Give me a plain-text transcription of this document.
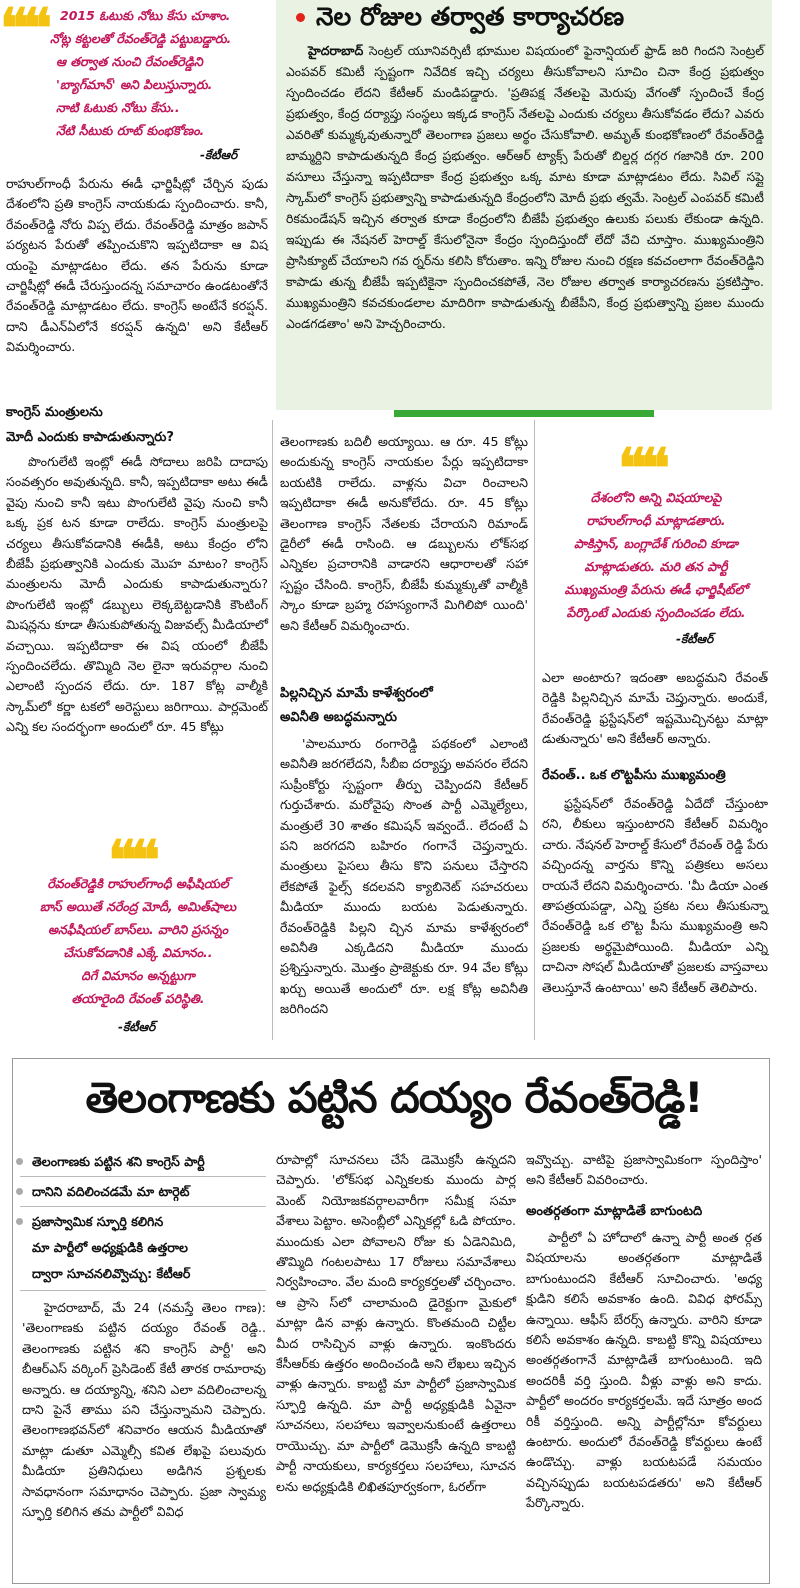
❝❝	2015 ఓటుకు నోటు కేసు చూశాం.
నోట్ల కట్టలతో రేవంత్‌రెడ్డి పట్టుబడ్డారు.
ఆ తర్వాత నుంచి రేవంత్‌రెడ్డిని
'బ్యాగ్‌మాన్' అని పిలుస్తున్నారు.
నాటి ఓటుకు నోటు కేసు..
నేటి సీటుకు రూట్ కుంభకోణం.
-కేటీఆర్
రాహుల్‌గాంధీ పేరును ఈడీ ఛార్జిషీట్లో చేర్చిన పుడు దేశంలోని ప్రతి కాంగ్రెస్ నాయకుడు స్పందించారు. కానీ, రేవంత్‌రెడ్డి నోరు విప్ప లేదు. రేవంత్‌రెడ్డి మాత్రం జపాన్ పర్యటన పేరుతో తప్పించుకొని ఇప్పటిదాకా ఆ విష యంపై మాట్లాడటం లేదు. తన పేరును కూడా చార్జిషీట్లో ఈడీ చేరుస్తుందన్న సమాచారం ఉండటంతోనే రేవంత్‌రెడ్డి మాట్లాడటం లేదు. కాంగ్రెస్ అంటేనే కరప్షన్. దాని డీఎన్ఏలోనే కరప్షన్ ఉన్నది' అని కేటీఆర్ విమర్శించారు.
కాంగ్రెస్ మంత్రులను
మోదీ ఎందుకు కాపాడుతున్నారు?
పొంగులేటి ఇంట్లో ఈడీ సోదాలు జరిపి దాదాపు సంవత్సరం అవుతున్నది. కానీ, ఇప్పటిదాకా అటు ఈడీ వైపు నుంచి కానీ ఇటు పొంగులేటి వైపు నుంచి కానీ ఒక్క ప్రక టన కూడా రాలేదు. కాంగ్రెస్ మంత్రులపై చర్యలు తీసుకోవడానికి ఈడీకి, అటు కేంద్రం లోని బీజేపీ ప్రభుత్వానికి ఎందుకు మొహ మాటం? కాంగ్రెస్ మంత్రులను మోదీ ఎందుకు కాపాడుతున్నారు? పొంగులేటి ఇంట్లో డబ్బులు లెక్కబెట్టడానికి కౌంటింగ్ మిషన్లను కూడా తీసుకుపోతున్న విజువల్స్ మీడియాలో వచ్చాయి. ఇప్పటిదాకా ఈ విష యంలో బీజేపీ స్పందించలేదు. తొమ్మిది నెల లైనా ఇరువర్గాల నుంచి ఎలాంటి స్పందన లేదు. రూ. 187 కోట్ల వాల్మీకి స్కామ్‌లో కర్ణా టకలో అరెస్టులు జరిగాయి. పార్లమెంట్ ఎన్ని కల సందర్భంగా అందులో రూ. 45 కోట్లు
❝❝
రేవంత్‌రెడ్డికి రాహుల్‌గాంధీ అఫీషియల్
బాస్ అయితే నరేంద్ర మోదీ, అమిత్‌షాలు
అనఫీషియల్ బాస్‌లు. వారిని ప్రసన్నం
చేసుకోవడానికి ఎక్కే విమానం..
దిగే విమానం అన్నట్టుగా
తయారైంది రేవంత్ పరిస్థితి.
-కేటీఆర్
నెల రోజుల తర్వాత కార్యాచరణ
హైదరాబాద్ సెంట్రల్ యూనివర్సిటీ భూముల విషయంలో ఫైనాన్షియల్ ఫ్రాడ్ జరి గిందని సెంట్రల్ ఎంపవర్ కమిటీ స్పష్టంగా నివేదిక ఇచ్చి చర్యలు తీసుకోవాలని సూచిం చినా కేంద్ర ప్రభుత్వం స్పందించడం లేదని కేటీఆర్ మండిపడ్డారు. 'ప్రతిపక్ష నేతలపై మెరుపు వేగంతో స్పందించే కేంద్ర ప్రభుత్వం, కేంద్ర దర్యాప్తు సంస్థలు ఇక్కడ కాంగ్రెస్ నేతలపై ఎందుకు చర్యలు తీసుకోవడం లేదు? ఎవరు ఎవరితో కుమ్మక్కవుతున్నారో తెలంగాణ ప్రజలు అర్థం చేసుకోవాలి. అమృత్ కుంభకోణంలో రేవంత్‌రెడ్డి బామ్మర్దిని కాపాడుతున్నది కేంద్ర ప్రభుత్వం. ఆర్‌ఆర్ ట్యాక్స్ పేరుతో బిల్డర్ల దగ్గర గజానికి రూ. 200 వసూలు చేస్తున్నా ఇప్పటిదాకా కేంద్ర ప్రభుత్వం ఒక్క మాట కూడా మాట్లాడటం లేదు. సివిల్ సప్లై స్కామ్‌లో కాంగ్రెస్ ప్రభుత్వాన్ని కాపాడుతున్నది కేంద్రంలోని మోదీ ప్రభు త్వమే. సెంట్రల్ ఎంపవర్ కమిటీ రికమండేషన్ ఇచ్చిన తర్వాత కూడా కేంద్రంలోని బీజేపీ ప్రభుత్వం ఉలుకు పలుకు లేకుండా ఉన్నది. ఇప్పుడు ఈ నేషనల్ హెరాల్డ్ కేసులోనైనా కేంద్రం స్పందిస్తుందో లేదో వేచి చూస్తాం. ముఖ్యమంత్రిని ప్రాసిక్యూట్ చేయాలని గవ ర్నర్‌ను కలిసి కోరుతాం. ఇన్ని రోజుల నుంచి రక్షణ కవచంలాగా రేవంత్‌రెడ్డిని కాపాడు తున్న బీజేపీ ఇప్పటికైనా స్పందించకపోతే, నెల రోజుల తర్వాత కార్యాచరణను ప్రకటిస్తాం. ముఖ్యమంత్రిని కవచకుండలాల మాదిరిగా కాపాడుతున్న బీజేపీని, కేంద్ర ప్రభుత్వాన్ని ప్రజల ముందు ఎండగడతాం' అని హెచ్చరించారు.
తెలంగాణకు బదిలీ అయ్యాయి. ఆ రూ. 45 కోట్లు అందుకున్న కాంగ్రెస్ నాయకుల పేర్లు ఇప్పటిదాకా బయటికి రాలేదు. వాళ్లను విచా రించాలని ఇప్పటిదాకా ఈడీ అనుకోలేదు. రూ. 45 కోట్లు తెలంగాణ కాంగ్రెస్ నేతలకు చేరాయని రిమాండ్ డైరీలో ఈడీ రాసింది. ఆ డబ్బులను లోక్‌సభ ఎన్నికల ప్రచారానికి వాడారని ఆధారాలతో సహా స్పష్టం చేసింది. కాంగ్రెస్, బీజేపీ కుమ్మక్కుతో వాల్మీకి స్కాం కూడా బ్రహ్మ రహస్యంగానే మిగిలిపో యింది' అని కేటీఆర్ విమర్శించారు.
పిల్లనిచ్చిన మామే కాళేశ్వరంలో
అవినీతి అబద్ధమన్నారు
'పాలమూరు రంగారెడ్డి పథకంలో ఎలాంటి అవినీతి జరగలేదని, సీబీఐ దర్యాప్తు అవసరం లేదని సుప్రీంకోర్టు స్పష్టంగా తీర్పు చెప్పిందని కేటీఆర్ గుర్తుచేశారు. మరోవైపు సొంత పార్టీ ఎమ్మెల్యేలు, మంత్రులే 30 శాతం కమిషన్ ఇవ్వందే.. లేదంటే ఏ పని జరగదని బహిరం గంగానే చెప్తున్నారు. మంత్రులు పైసలు తీసు కొని పనులు చేస్తారని లేకపోతే ఫైల్స్ కదలవని క్యాబినెట్ సహచరులు మీడియా ముందు బయట పెడుతున్నారు. రేవంత్‌రెడ్డికి పిల్లని చ్చిన మామ కాళేశ్వరంలో అవినీతి ఎక్కడిదని మీడియా ముందు ప్రశ్నిస్తున్నారు. మొత్తం ప్రాజెక్టుకు రూ. 94 వేల కోట్లు ఖర్చు అయితే అందులో రూ. లక్ష కోట్ల అవినీతి జరిగిందని
❝❝
దేశంలోని అన్ని విషయాలపై
రాహుల్‌గాంధీ మాట్లాడతారు.
పాకిస్తాన్, బంగ్లాదేశ్ గురించి కూడా
మాట్లాడుతరు. మరి తన పార్టీ
ముఖ్యమంత్రి పేరును ఈడీ ఛార్జిషీట్‌లో
పేర్కొంటే ఎందుకు స్పందించడం లేదు.
-కేటీఆర్
ఎలా అంటారు? ఇదంతా అబద్ధమని రేవంత్ రెడ్డికి పిల్లనిచ్చిన మామే చెప్తున్నారు. అందుకే, రేవంత్‌రెడ్డి ఫ్రస్టేషన్‌లో ఇష్టమొచ్చినట్టు మాట్లా డుతున్నారు' అని కేటీఆర్ అన్నారు.
రేవంత్.. ఒక లొట్టపీసు ముఖ్యమంత్రి
ఫ్రస్టేషన్‌లో రేవంత్‌రెడ్డి ఏదేదో చేస్తుంటా రని, లీకులు ఇస్తుంటారని కేటీఆర్ విమర్శిం చారు. నేషనల్ హెరాల్డ్ కేసులో రేవంత్ రెడ్డి పేరు వచ్చిందన్న వార్తను కొన్ని పత్రికలు అసలు రాయనే లేదని విమర్శించారు. 'మీ డియా ఎంత తాపత్రయపడ్డా, ఎన్ని ప్రకట నలు తీసుకున్నా రేవంత్‌రెడ్డి ఒక లొట్ట పీసు ముఖ్యమంత్రి అని ప్రజలకు అర్థమైపోయింది. మీడియా ఎన్ని దాచినా సోషల్ మీడియాతో ప్రజలకు వాస్తవాలు తెలుస్తూనే ఉంటాయి' అని కేటీఆర్ తెలిపారు.
తెలంగాణకు పట్టిన దయ్యం రేవంత్‌రెడ్డి!
తెలంగాణకు పట్టిన శని కాంగ్రెస్ పార్టీ
దానిని వదిలించడమే మా టార్గెట్
ప్రజాస్వామిక స్ఫూర్తి కలిగిన
మా పార్టీలో అధ్యక్షుడికి ఉత్తరాల
ద్వారా సూచనలివ్వొచ్చు: కేటీఆర్
హైదరాబాద్, మే 24 (నమస్తే తెలం గాణ): 'తెలంగాణకు పట్టిన దయ్యం రేవంత్ రెడ్డి.. తెలంగాణకు పట్టిన శని కాంగ్రెస్ పార్టీ' అని బీఆర్ఎస్ వర్కింగ్ ప్రెసిడెంట్ కేటీ తారక రామారావు అన్నారు. ఆ దయ్యాన్ని, శనిని ఎలా వదిలించాలన్న దాని పైనే తాము పని చేస్తున్నామని చెప్పారు. తెలంగాణభవన్‌లో శనివారం ఆయన మీడియాతో మాట్లా డుతూ ఎమ్మెల్సీ కవిత లేఖపై పలువురు మీడియా ప్రతినిధులు అడిగిన ప్రశ్నలకు సావధానంగా సమాధానం చెప్పారు. ప్రజా స్వామ్య స్ఫూర్తి కలిగిన తమ పార్టీలో వివిధ
రూపాల్లో సూచనలు చేసే డెమొక్రసీ ఉన్నదని చెప్పారు. 'లోక్‌సభ ఎన్నికలకు ముందు పార్ల మెంట్ నియోజకవర్గాలవారీగా సమీక్ష సమా వేశాలు పెట్టాం. అసెంబ్లీలో ఎన్నికల్లో ఓడి పోయాం. ముందుకు ఎలా పోవాలని రోజు కు ఏడెనిమిది, తొమ్మిది గంటలపాటు 17 రోజులు సమావేశాలు నిర్వహించాం. వేల మంది కార్యకర్తలతో చర్చించాం. ఆ ప్రాసె స్‌లో చాలామంది డైరెక్టుగా మైకులో మాట్లా డిన వాళ్లు ఉన్నారు. కొంతమంది చిట్టీల మీద రాసిచ్చిన వాళ్లు ఉన్నారు. ఇంకొందరు కేసీఆర్‌కు ఉత్తరం అందించండి అని లేఖలు ఇచ్చిన వాళ్లు ఉన్నారు. కాబట్టి మా పార్టీలో ప్రజాస్వామిక స్ఫూర్తి ఉన్నది. మా పార్టీ అధ్యక్షుడికి ఏవైనా సూచనలు, సలహాలు ఇవ్వాలనుకుంటే ఉత్తరాలు రాయొచ్చు. మా పార్టీలో డెమొక్రసీ ఉన్నది కాబట్టి పార్టీ నాయకులు, కార్యకర్తలు సలహాలు, సూచన లను అధ్యక్షుడికి లిఖితపూర్వకంగా, ఓరల్‌గా
ఇవ్వొచ్చు. వాటిపై ప్రజాస్వామికంగా స్పందిస్తాం' అని కేటీఆర్ వివరించారు.
అంతర్గతంగా మాట్లాడితే బాగుంటది
పార్టీలో ఏ హోదాలో ఉన్నా పార్టీ అంత ర్గత విషయాలను అంతర్గతంగా మాట్లాడితే బాగుంటుందని కేటీఆర్ సూచించారు. 'అధ్య క్షుడిని కలిసే అవకాశం ఉంది. వివిధ ఫోరమ్స్ ఉన్నాయి. ఆఫీస్ బేరర్స్ ఉన్నారు. వారిని కూడా కలిసే అవకాశం ఉన్నది. కాబట్టి కొన్ని విషయాలు అంతర్గతంగానే మాట్లాడితే బాగుంటుంది. ఇది అందరికీ వర్తి స్తుంది. వీళ్లు వాళ్లు అని కాదు. పార్టీలో అందరం కార్యకర్తలమే. ఇదే సూత్రం అంద రికీ వర్తిస్తుంది. అన్ని పార్టీల్లోనూ కోవర్టులు ఉంటారు. అందులో రేవంత్‌రెడ్డి కోవర్టులు ఉంటే ఉండొచ్చు. వాళ్లు బయటపడే సమయం వచ్చినప్పుడు బయటపడతరు' అని కేటీఆర్ పేర్కొన్నారు.
